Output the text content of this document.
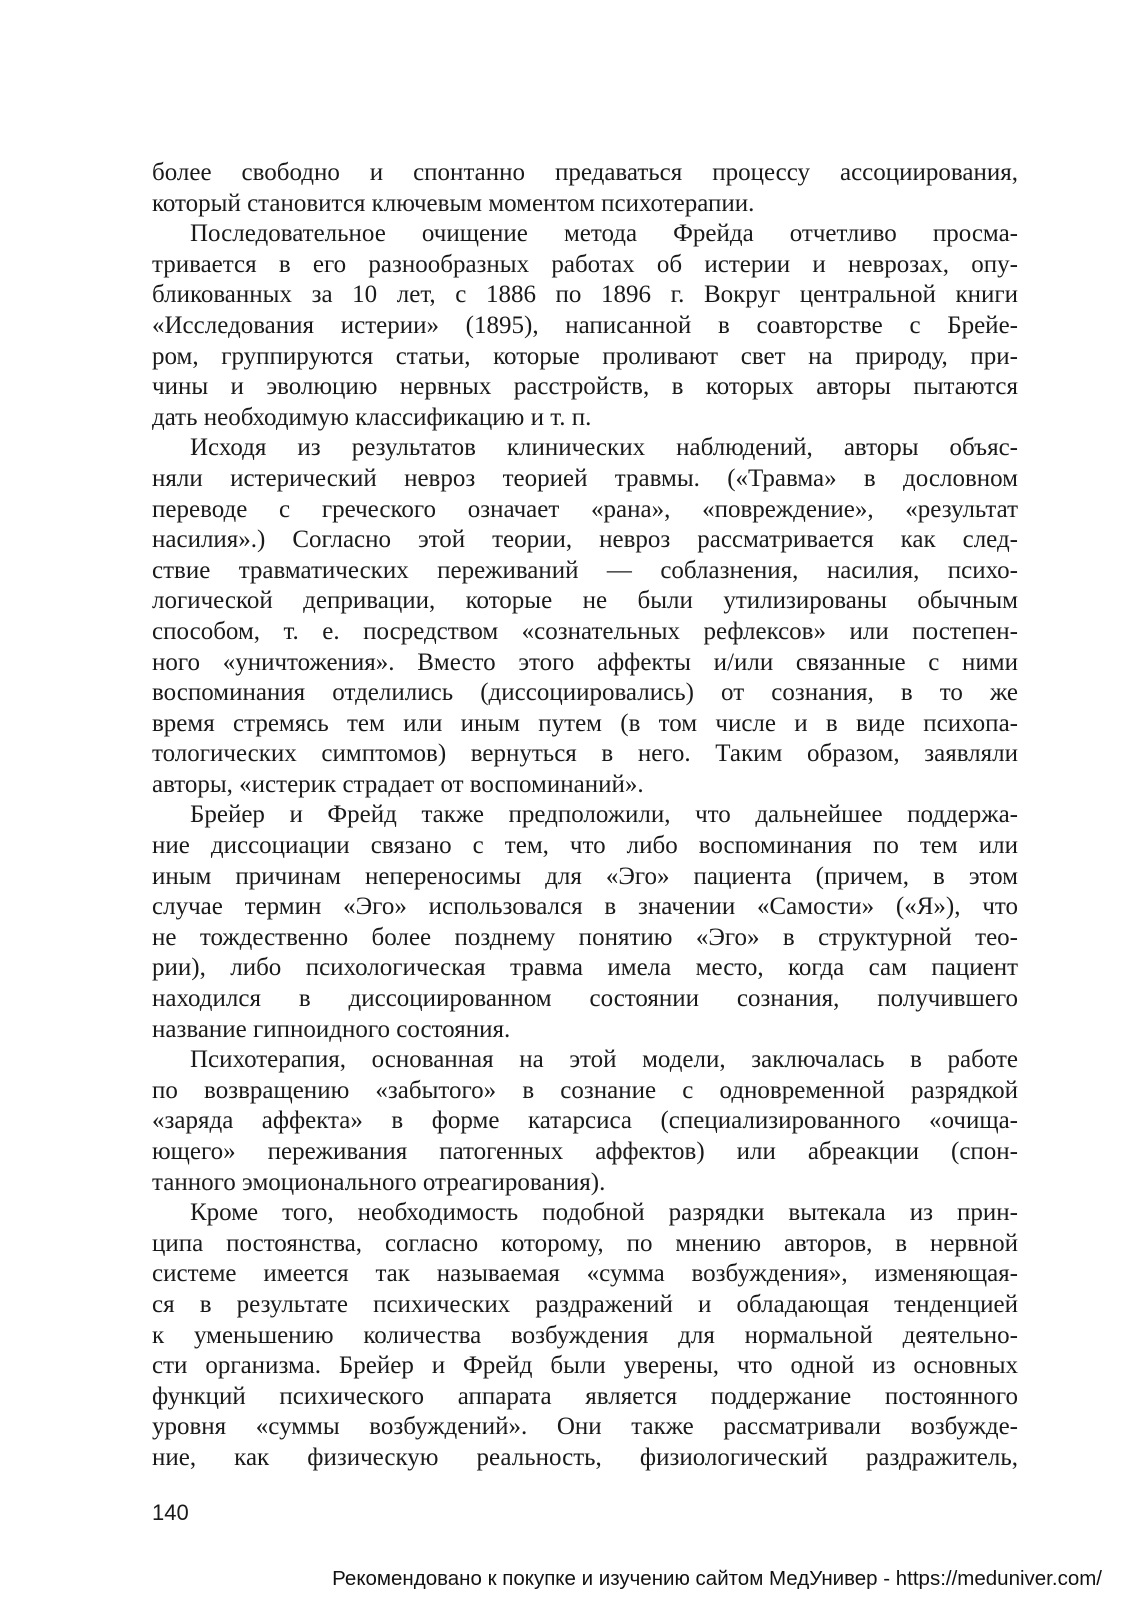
более свободно и спонтанно предаваться процессу ассоциирования,
который становится ключевым моментом психотерапии.
Последовательное очищение метода Фрейда отчетливо просма-
тривается в его разнообразных работах об истерии и неврозах, опу-
бликованных за 10 лет, с 1886 по 1896 г. Вокруг центральной книги
«Исследования истерии» (1895), написанной в соавторстве с Брейе-
ром, группируются статьи, которые проливают свет на природу, при-
чины и эволюцию нервных расстройств, в которых авторы пытаются
дать необходимую классификацию и т. п.
Исходя из результатов клинических наблюдений, авторы объяс-
няли истерический невроз теорией травмы. («Травма» в дословном
переводе с греческого означает «рана», «повреждение», «результат
насилия».) Согласно этой теории, невроз рассматривается как след-
ствие травматических переживаний — соблазнения, насилия, психо-
логической депривации, которые не были утилизированы обычным
способом, т. е. посредством «сознательных рефлексов» или постепен-
ного «уничтожения». Вместо этого аффекты и/или связанные с ними
воспоминания отделились (диссоциировались) от сознания, в то же
время стремясь тем или иным путем (в том числе и в виде психопа-
тологических симптомов) вернуться в него. Таким образом, заявляли
авторы, «истерик страдает от воспоминаний».
Брейер и Фрейд также предположили, что дальнейшее поддержа-
ние диссоциации связано с тем, что либо воспоминания по тем или
иным причинам непереносимы для «Эго» пациента (причем, в этом
случае термин «Эго» использовался в значении «Самости» («Я»), что
не тождественно более позднему понятию «Эго» в структурной тео-
рии), либо психологическая травма имела место, когда сам пациент
находился в диссоциированном состоянии сознания, получившего
название гипноидного состояния.
Психотерапия, основанная на этой модели, заключалась в работе
по возвращению «забытого» в сознание с одновременной разрядкой
«заряда аффекта» в форме катарсиса (специализированного «очища-
ющего» переживания патогенных аффектов) или абреакции (спон-
танного эмоционального отреагирования).
Кроме того, необходимость подобной разрядки вытекала из прин-
ципа постоянства, согласно которому, по мнению авторов, в нервной
системе имеется так называемая «сумма возбуждения», изменяющая-
ся в результате психических раздражений и обладающая тенденцией
к уменьшению количества возбуждения для нормальной деятельно-
сти организма. Брейер и Фрейд были уверены, что одной из основных
функций психического аппарата является поддержание постоянного
уровня «суммы возбуждений». Они также рассматривали возбужде-
ние, как физическую реальность, физиологический раздражитель,
140
Рекомендовано к покупке и изучению сайтом МедУнивер - https://meduniver.com/
